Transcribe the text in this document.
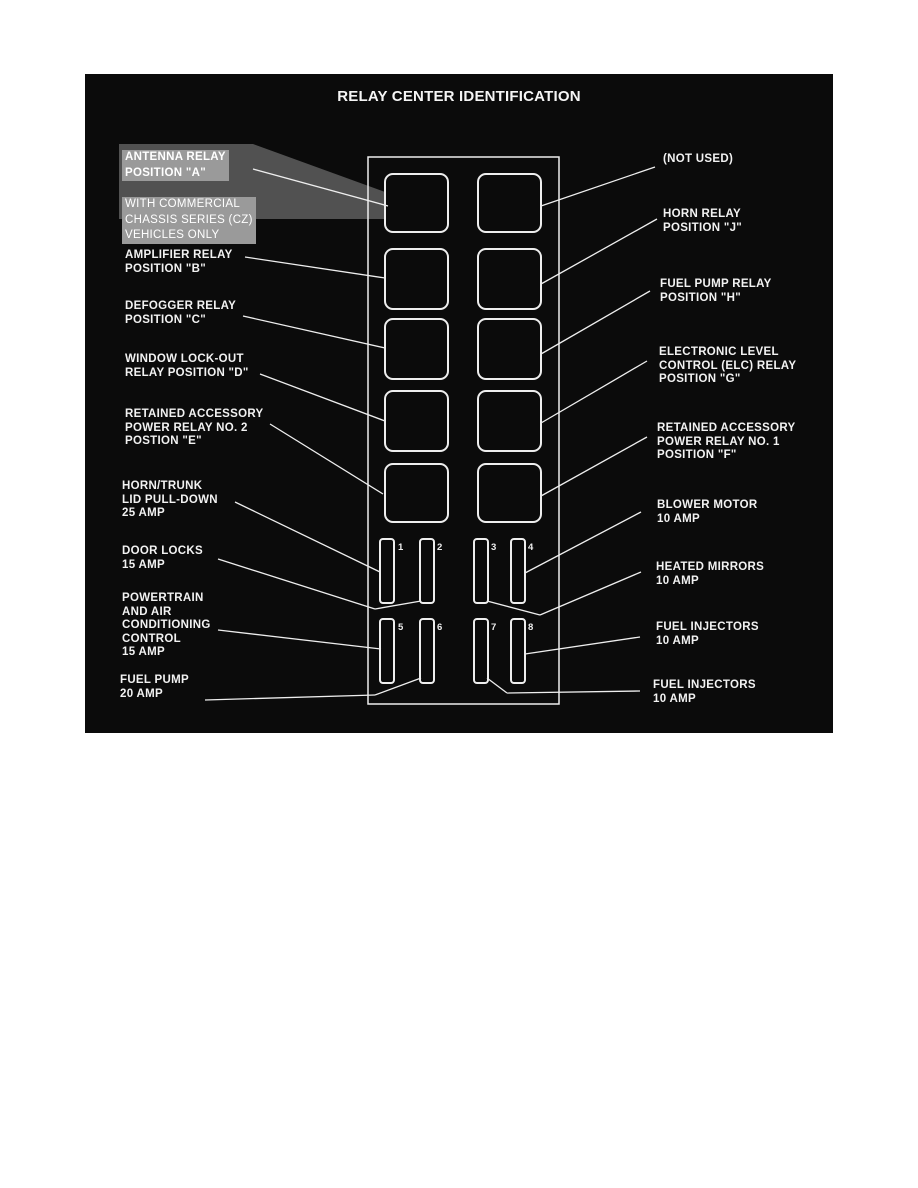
1	2	3	4
5	6	7	8
RELAY CENTER IDENTIFICATION
ANTENNA RELAY
POSITION "A"
WITH COMMERCIAL
CHASSIS SERIES (CZ)
VEHICLES ONLY
AMPLIFIER RELAY
POSITION "B"
DEFOGGER RELAY
POSITION "C"
WINDOW LOCK-OUT
RELAY POSITION "D"
RETAINED ACCESSORY
POWER RELAY NO. 2
POSTION "E"
HORN/TRUNK
LID PULL-DOWN
25 AMP
DOOR LOCKS
15 AMP
POWERTRAIN
AND AIR
CONDITIONING
CONTROL
15 AMP
FUEL PUMP
20 AMP
(NOT USED)
HORN RELAY
POSITION "J"
FUEL PUMP RELAY
POSITION "H"
ELECTRONIC LEVEL
CONTROL (ELC) RELAY
POSITION "G"
RETAINED ACCESSORY
POWER RELAY NO. 1
POSITION "F"
BLOWER MOTOR
10 AMP
HEATED MIRRORS
10 AMP
FUEL INJECTORS
10 AMP
FUEL INJECTORS
10 AMP
